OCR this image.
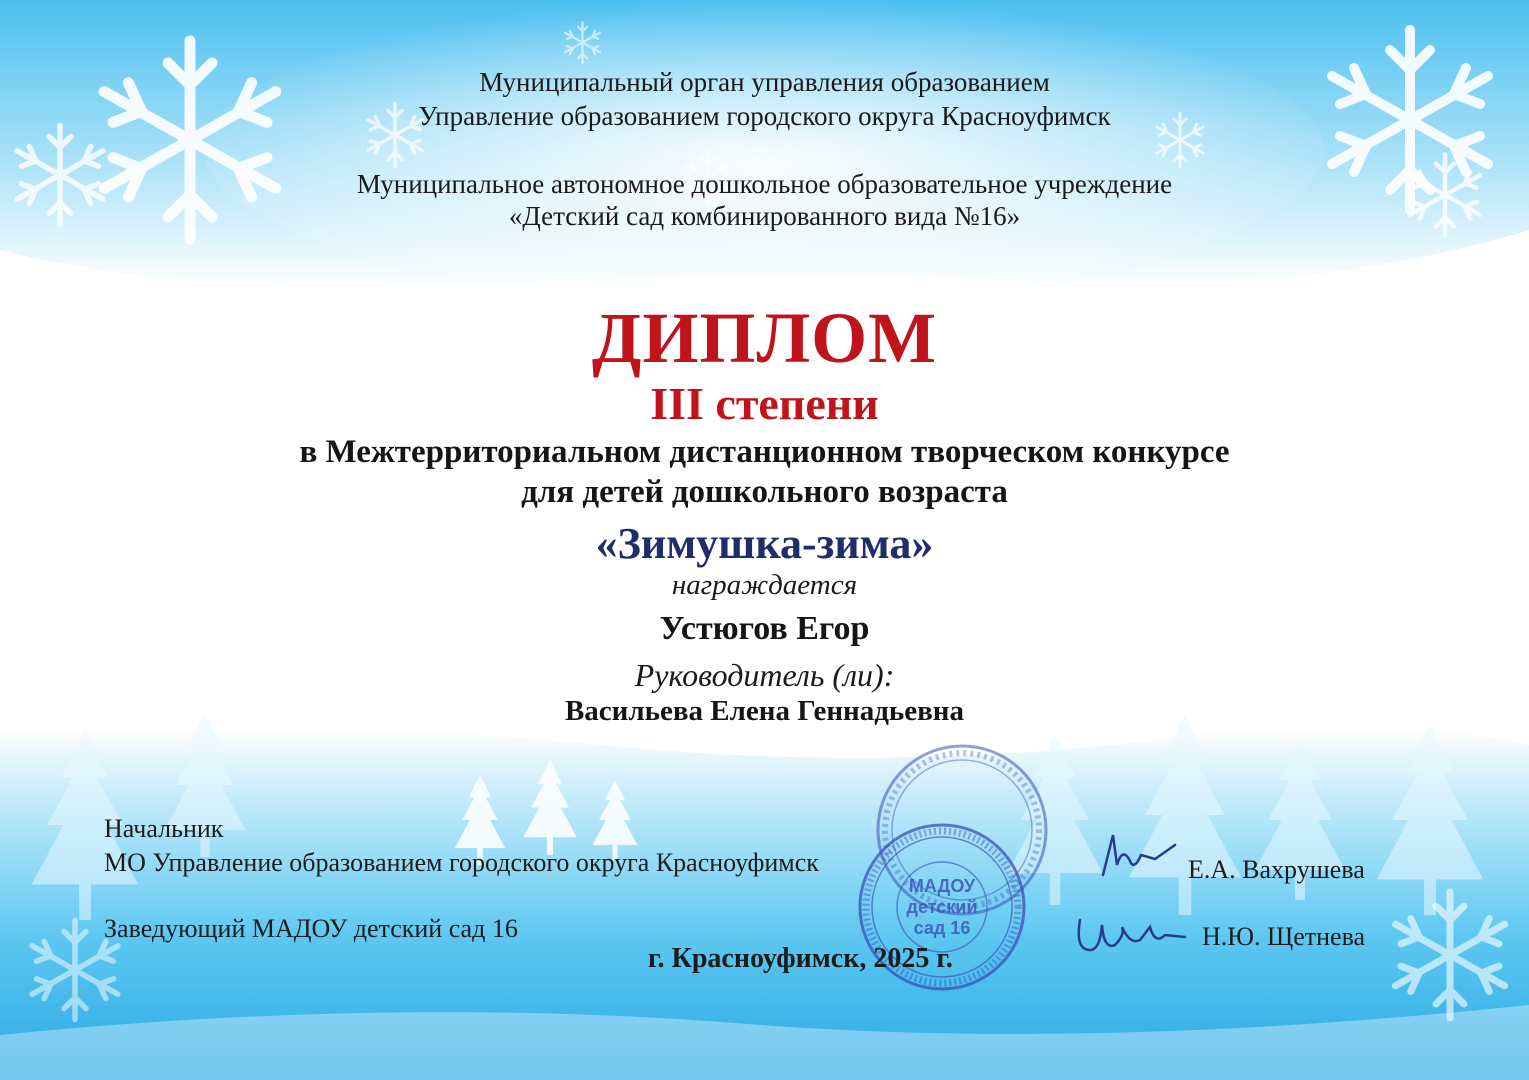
Муниципальный орган управления образованием
Управление образованием городского округа Красноуфимск
Муниципальное автономное дошкольное образовательное учреждение
«Детский сад комбинированного вида №16»
ДИПЛОМ
III степени
в Межтерриториальном дистанционном творческом конкурсе
для детей дошкольного возраста
«Зимушка-зима»
награждается
Устюгов Егор
Руководитель (ли):
Васильева Елена Геннадьевна
МАДОУ
детский
сад 16
Начальник
МО Управление образованием городского округа Красноуфимск
Заведующий МАДОУ детский сад 16
Е.А. Вахрушева
Н.Ю. Щетнева
г. Красноуфимск, 2025 г.
